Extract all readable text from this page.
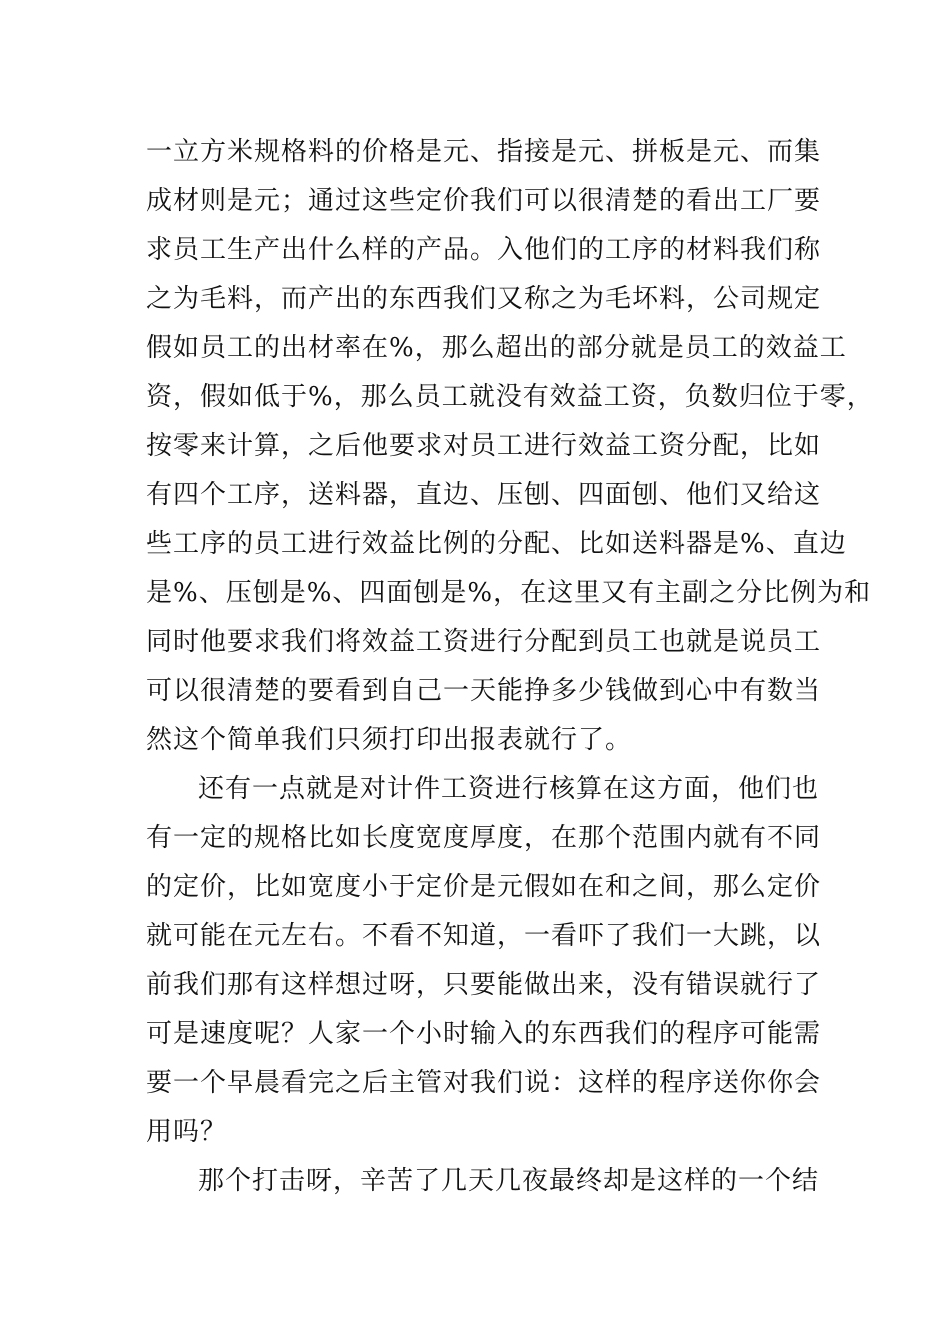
一立方米规格料的价格是元、指接是元、拼板是元、而集
成材则是元；通过这些定价我们可以很清楚的看出工厂要
求员工生产出什么样的产品。入他们的工序的材料我们称
之为毛料，而产出的东西我们又称之为毛坏料，公司规定
假如员工的出材率在%，那么超出的部分就是员工的效益工
资，假如低于%，那么员工就没有效益工资，负数归位于零，
按零来计算，之后他要求对员工进行效益工资分配，比如
有四个工序，送料器，直边、压刨、四面刨、他们又给这
些工序的员工进行效益比例的分配、比如送料器是%、直边
是%、压刨是%、四面刨是%，在这里又有主副之分比例为和
同时他要求我们将效益工资进行分配到员工也就是说员工
可以很清楚的要看到自己一天能挣多少钱做到心中有数当
然这个简单我们只须打印出报表就行了。
还有一点就是对计件工资进行核算在这方面，他们也
有一定的规格比如长度宽度厚度，在那个范围内就有不同
的定价，比如宽度小于定价是元假如在和之间，那么定价
就可能在元左右。不看不知道，一看吓了我们一大跳，以
前我们那有这样想过呀，只要能做出来，没有错误就行了
可是速度呢？人家一个小时输入的东西我们的程序可能需
要一个早晨看完之后主管对我们说：这样的程序送你你会
用吗？
那个打击呀，辛苦了几天几夜最终却是这样的一个结
